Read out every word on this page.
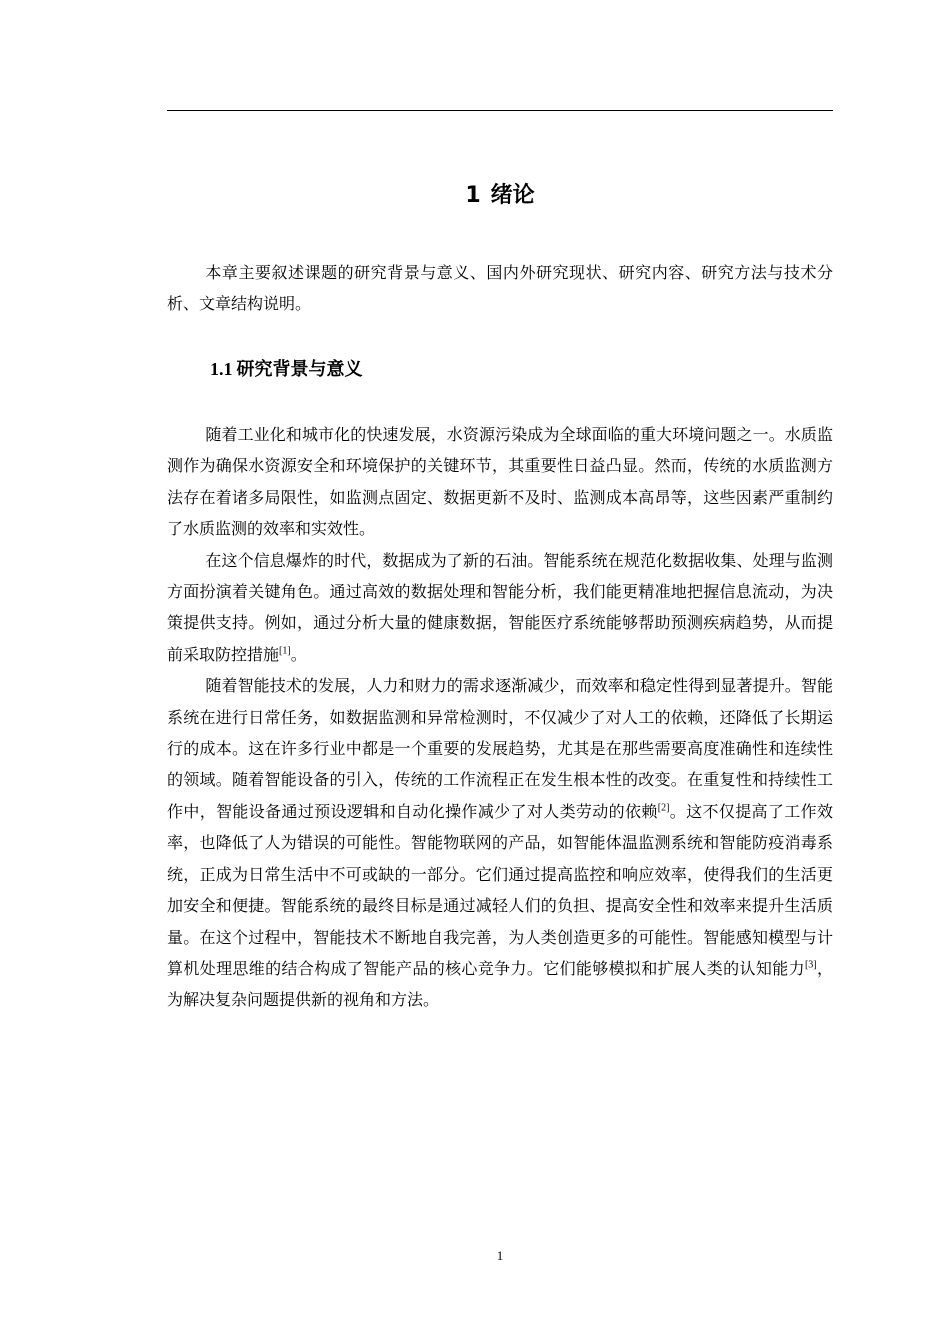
1 绪论

本章主要叙述课题的研究背景与意义、国内外研究现状、研究内容、研究方法与技术分析、文章结构说明。

1.1 研究背景与意义

随着工业化和城市化的快速发展，水资源污染成为全球面临的重大环境问题之一。水质监测作为确保水资源安全和环境保护的关键环节，其重要性日益凸显。然而，传统的水质监测方法存在着诸多局限性，如监测点固定、数据更新不及时、监测成本高昂等，这些因素严重制约了水质监测的效率和实效性。

在这个信息爆炸的时代，数据成为了新的石油。智能系统在规范化数据收集、处理与监测方面扮演着关键角色。通过高效的数据处理和智能分析，我们能更精准地把握信息流动，为决策提供支持。例如，通过分析大量的健康数据，智能医疗系统能够帮助预测疾病趋势，从而提前采取防控措施[1]。

随着智能技术的发展，人力和财力的需求逐渐减少，而效率和稳定性得到显著提升。智能系统在进行日常任务，如数据监测和异常检测时，不仅减少了对人工的依赖，还降低了长期运行的成本。这在许多行业中都是一个重要的发展趋势，尤其是在那些需要高度准确性和连续性的领域。随着智能设备的引入，传统的工作流程正在发生根本性的改变。在重复性和持续性工作中，智能设备通过预设逻辑和自动化操作减少了对人类劳动的依赖[2]。这不仅提高了工作效率，也降低了人为错误的可能性。智能物联网的产品，如智能体温监测系统和智能防疫消毒系统，正成为日常生活中不可或缺的一部分。它们通过提高监控和响应效率，使得我们的生活更加安全和便捷。智能系统的最终目标是通过减轻人们的负担、提高安全性和效率来提升生活质量。在这个过程中，智能技术不断地自我完善，为人类创造更多的可能性。智能感知模型与计算机处理思维的结合构成了智能产品的核心竞争力。它们能够模拟和扩展人类的认知能力[3]，为解决复杂问题提供新的视角和方法。

1
